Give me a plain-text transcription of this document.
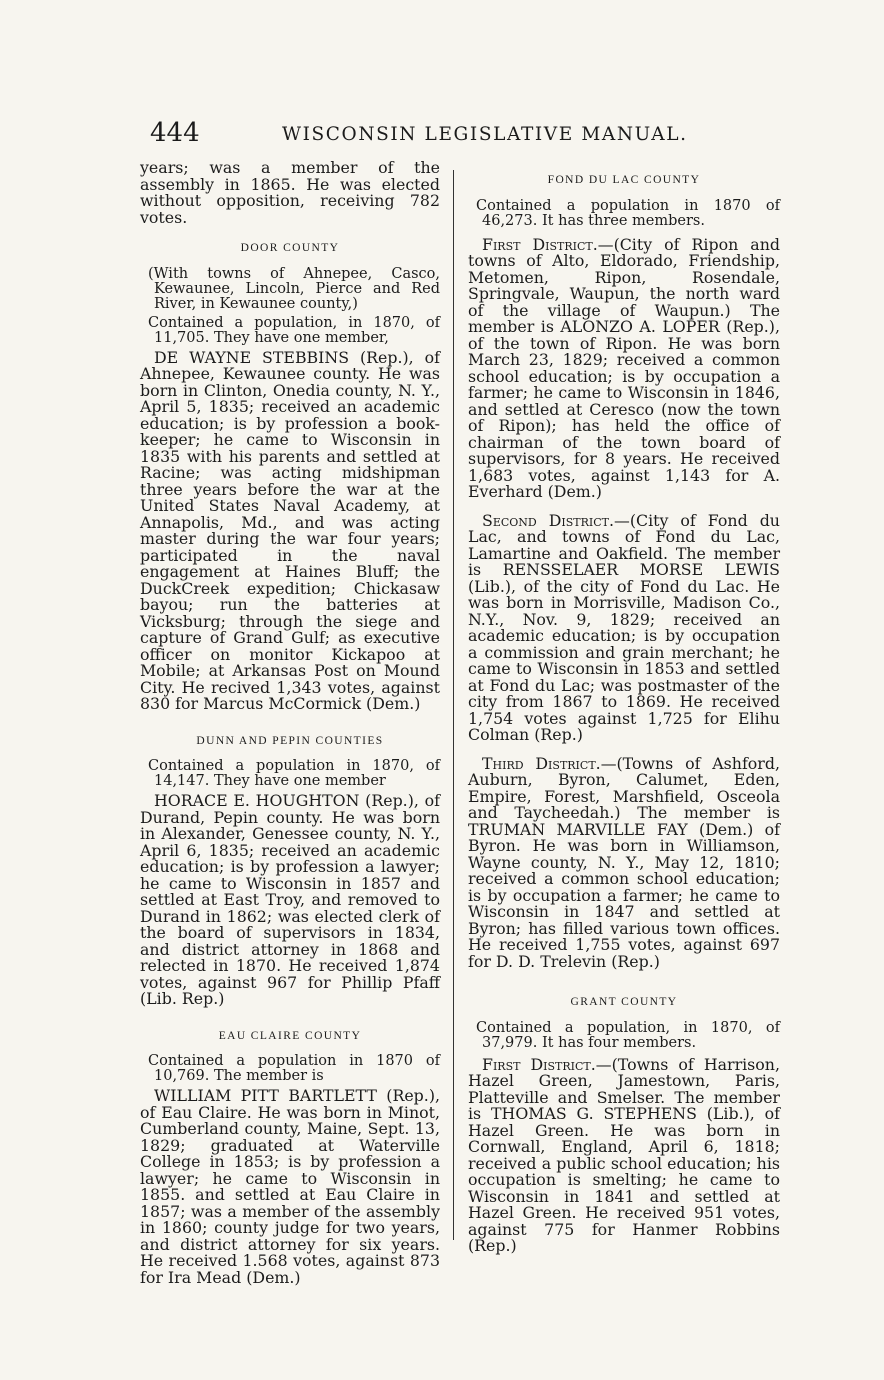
444	WISCONSIN LEGISLATIVE MANUAL.

years; was a member of the assembly in 1865. He was elected without opposition, receiving 782 votes.

DOOR COUNTY

(With towns of Ahnepee, Casco, Kewaunee, Lincoln, Pierce and Red River, in Kewaunee county,)

Contained a population, in 1870, of 11,705. They have one member,

DE WAYNE STEBBINS (Rep.), of Ahnepee, Kewaunee county. He was born in Clinton, Onedia county, N. Y., April 5, 1835; received an academic education; is by profession a book-keeper; he came to Wisconsin in 1835 with his parents and settled at Racine; was acting midshipman three years before the war at the United States Naval Academy, at Annapolis, Md., and was acting master during the war four years; participated in the naval engagement at Haines Bluff; the DuckCreek expedition; Chickasaw bayou; run the batteries at Vicksburg; through the siege and capture of Grand Gulf; as executive officer on monitor Kickapoo at Mobile; at Arkansas Post on Mound City. He recived 1,343 votes, against 830 for Marcus McCormick (Dem.)

DUNN AND PEPIN COUNTIES

Contained a population in 1870, of 14,147. They have one member

HORACE E. HOUGHTON (Rep.), of Durand, Pepin county. He was born in Alexander, Genessee county, N. Y., April 6, 1835; received an academic education; is by profession a lawyer; he came to Wisconsin in 1857 and settled at East Troy, and removed to Durand in 1862; was elected clerk of the board of supervisors in 1834, and district attorney in 1868 and relected in 1870. He received 1,874 votes, against 967 for Phillip Pfaff (Lib. Rep.)

EAU CLAIRE COUNTY

Contained a population in 1870 of 10,769. The member is

WILLIAM PITT BARTLETT (Rep.), of Eau Claire. He was born in Minot, Cumberland county, Maine, Sept. 13, 1829; graduated at Waterville College in 1853; is by profession a lawyer; he came to Wisconsin in 1855. and settled at Eau Claire in 1857; was a member of the assembly in 1860; county judge for two years, and district attorney for six years. He received 1.568 votes, against 873 for Ira Mead (Dem.)

FOND DU LAC COUNTY

Contained a population in 1870 of 46,273. It has three members.

First District.—(City of Ripon and towns of Alto, Eldorado, Friendship, Metomen, Ripon, Rosendale, Springvale, Waupun, the north ward of the village of Waupun.) The member is ALONZO A. LOPER (Rep.), of the town of Ripon. He was born March 23, 1829; received a common school education; is by occupation a farmer; he came to Wisconsin in 1846, and settled at Ceresco (now the town of Ripon); has held the office of chairman of the town board of supervisors, for 8 years. He received 1,683 votes, against 1,143 for A. Everhard (Dem.)

Second District.—(City of Fond du Lac, and towns of Fond du Lac, Lamartine and Oakfield. The member is RENSSELAER MORSE LEWIS (Lib.), of the city of Fond du Lac. He was born in Morrisville, Madison Co., N.Y., Nov. 9, 1829; received an academic education; is by occupation a commission and grain merchant; he came to Wisconsin in 1853 and settled at Fond du Lac; was postmaster of the city from 1867 to 1869. He received 1,754 votes against 1,725 for Elihu Colman (Rep.)

Third District.—(Towns of Ashford, Auburn, Byron, Calumet, Eden, Empire, Forest, Marshfield, Osceola and Taycheedah.) The member is TRUMAN MARVILLE FAY (Dem.) of Byron. He was born in Williamson, Wayne county, N. Y., May 12, 1810; received a common school education; is by occupation a farmer; he came to Wisconsin in 1847 and settled at Byron; has filled various town offices. He received 1,755 votes, against 697 for D. D. Trelevin (Rep.)

GRANT COUNTY

Contained a population, in 1870, of 37,979. It has four members.

First District.—(Towns of Harrison, Hazel Green, Jamestown, Paris, Platteville and Smelser. The member is THOMAS G. STEPHENS (Lib.), of Hazel Green. He was born in Cornwall, England, April 6, 1818; received a public school education; his occupation is smelting; he came to Wisconsin in 1841 and settled at Hazel Green. He received 951 votes, against 775 for Hanmer Robbins (Rep.)
